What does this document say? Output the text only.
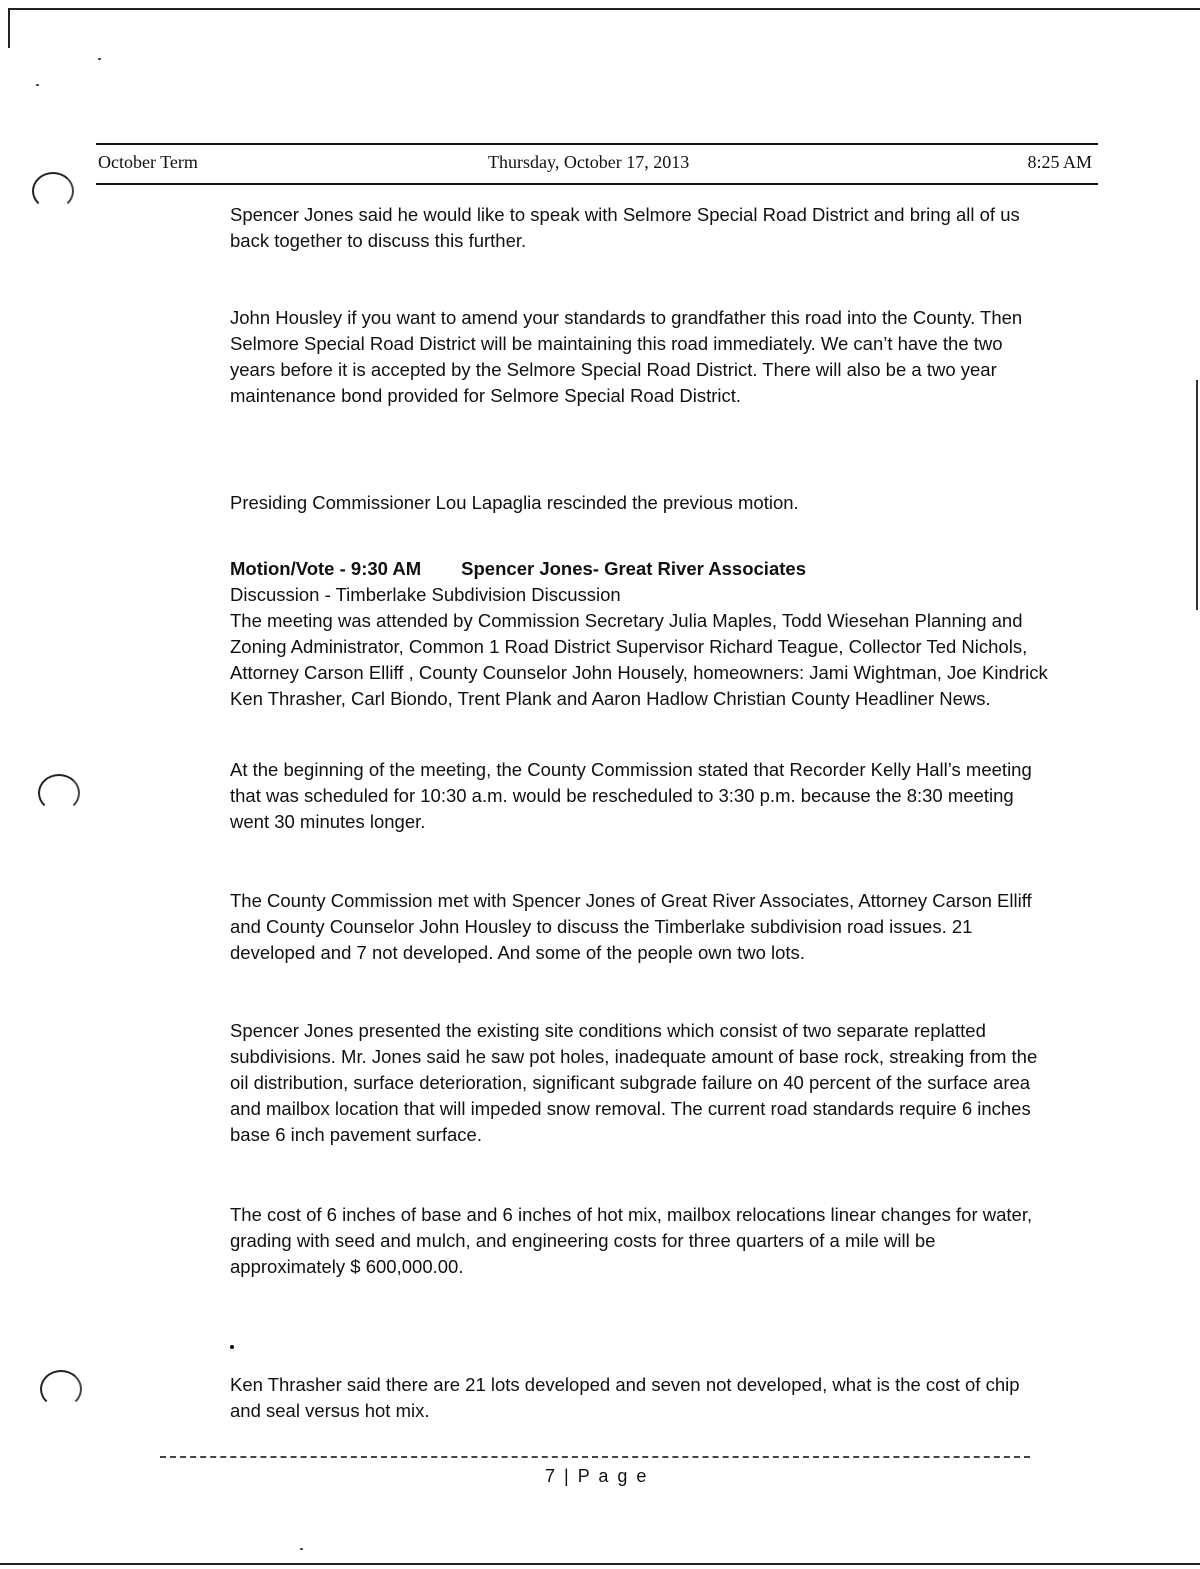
October Term	Thursday, October 17, 2013	8:25 AM

Spencer Jones said he would like to speak with Selmore Special Road District and bring all of us back together to discuss this further.

John Housley if you want to amend your standards to grandfather this road into the County. Then Selmore Special Road District will be maintaining this road immediately. We can’t have the two years before it is accepted by the Selmore Special Road District. There will also be a two year maintenance bond provided for Selmore Special Road District.

Presiding Commissioner Lou Lapaglia rescinded the previous motion.

Motion/Vote - 9:30 AM Spencer Jones- Great River Associates

Discussion - Timberlake Subdivision Discussion

The meeting was attended by Commission Secretary Julia Maples, Todd Wiesehan Planning and Zoning Administrator, Common 1 Road District Supervisor Richard Teague, Collector Ted Nichols, Attorney Carson Elliff , County Counselor John Housely, homeowners: Jami Wightman, Joe Kindrick Ken Thrasher, Carl Biondo, Trent Plank and Aaron Hadlow Christian County Headliner News.

At the beginning of the meeting, the County Commission stated that Recorder Kelly Hall’s meeting that was scheduled for 10:30 a.m. would be rescheduled to 3:30 p.m. because the 8:30 meeting went 30 minutes longer.

The County Commission met with Spencer Jones of Great River Associates, Attorney Carson Elliff and County Counselor John Housley to discuss the Timberlake subdivision road issues. 21 developed and 7 not developed. And some of the people own two lots.

Spencer Jones presented the existing site conditions which consist of two separate replatted subdivisions. Mr. Jones said he saw pot holes, inadequate amount of base rock, streaking from the oil distribution, surface deterioration, significant subgrade failure on 40 percent of the surface area and mailbox location that will impeded snow removal. The current road standards require 6 inches base 6 inch pavement surface.

The cost of 6 inches of base and 6 inches of hot mix, mailbox relocations linear changes for water, grading with seed and mulch, and engineering costs for three quarters of a mile will be approximately $ 600,000.00.

Ken Thrasher said there are 21 lots developed and seven not developed, what is the cost of chip and seal versus hot mix.

7 | P a g e
